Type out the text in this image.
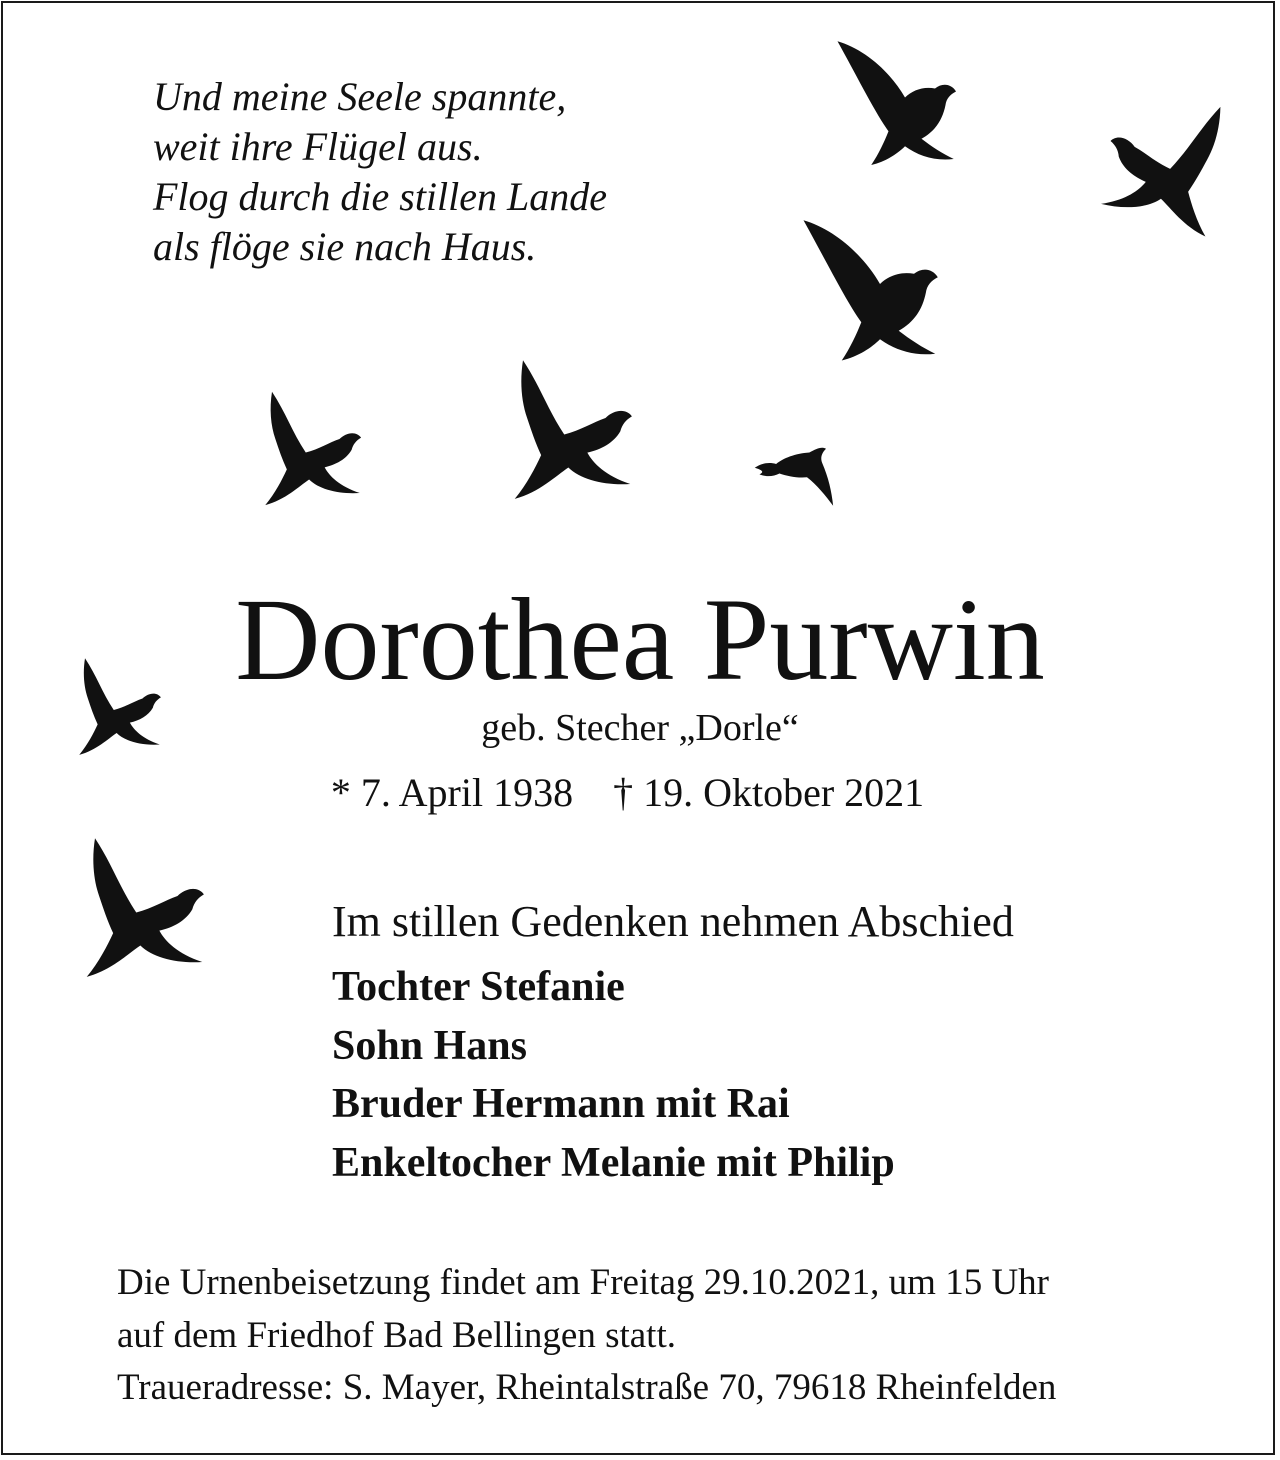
Und meine Seele spannte,
weit ihre Flügel aus.
Flog durch die stillen Lande
als flöge sie nach Haus.
Dorothea Purwin
geb. Stecher „Dorle“
* 7. April 1938 † 19. Oktober 2021
Im stillen Gedenken nehmen Abschied
Tochter Stefanie
Sohn Hans
Bruder Hermann mit Rai
Enkeltocher Melanie mit Philip
Die Urnenbeisetzung findet am Freitag 29.10.2021, um 15 Uhr
auf dem Friedhof Bad Bellingen statt.
Traueradresse: S. Mayer, Rheintalstraße 70, 79618 Rheinfelden
